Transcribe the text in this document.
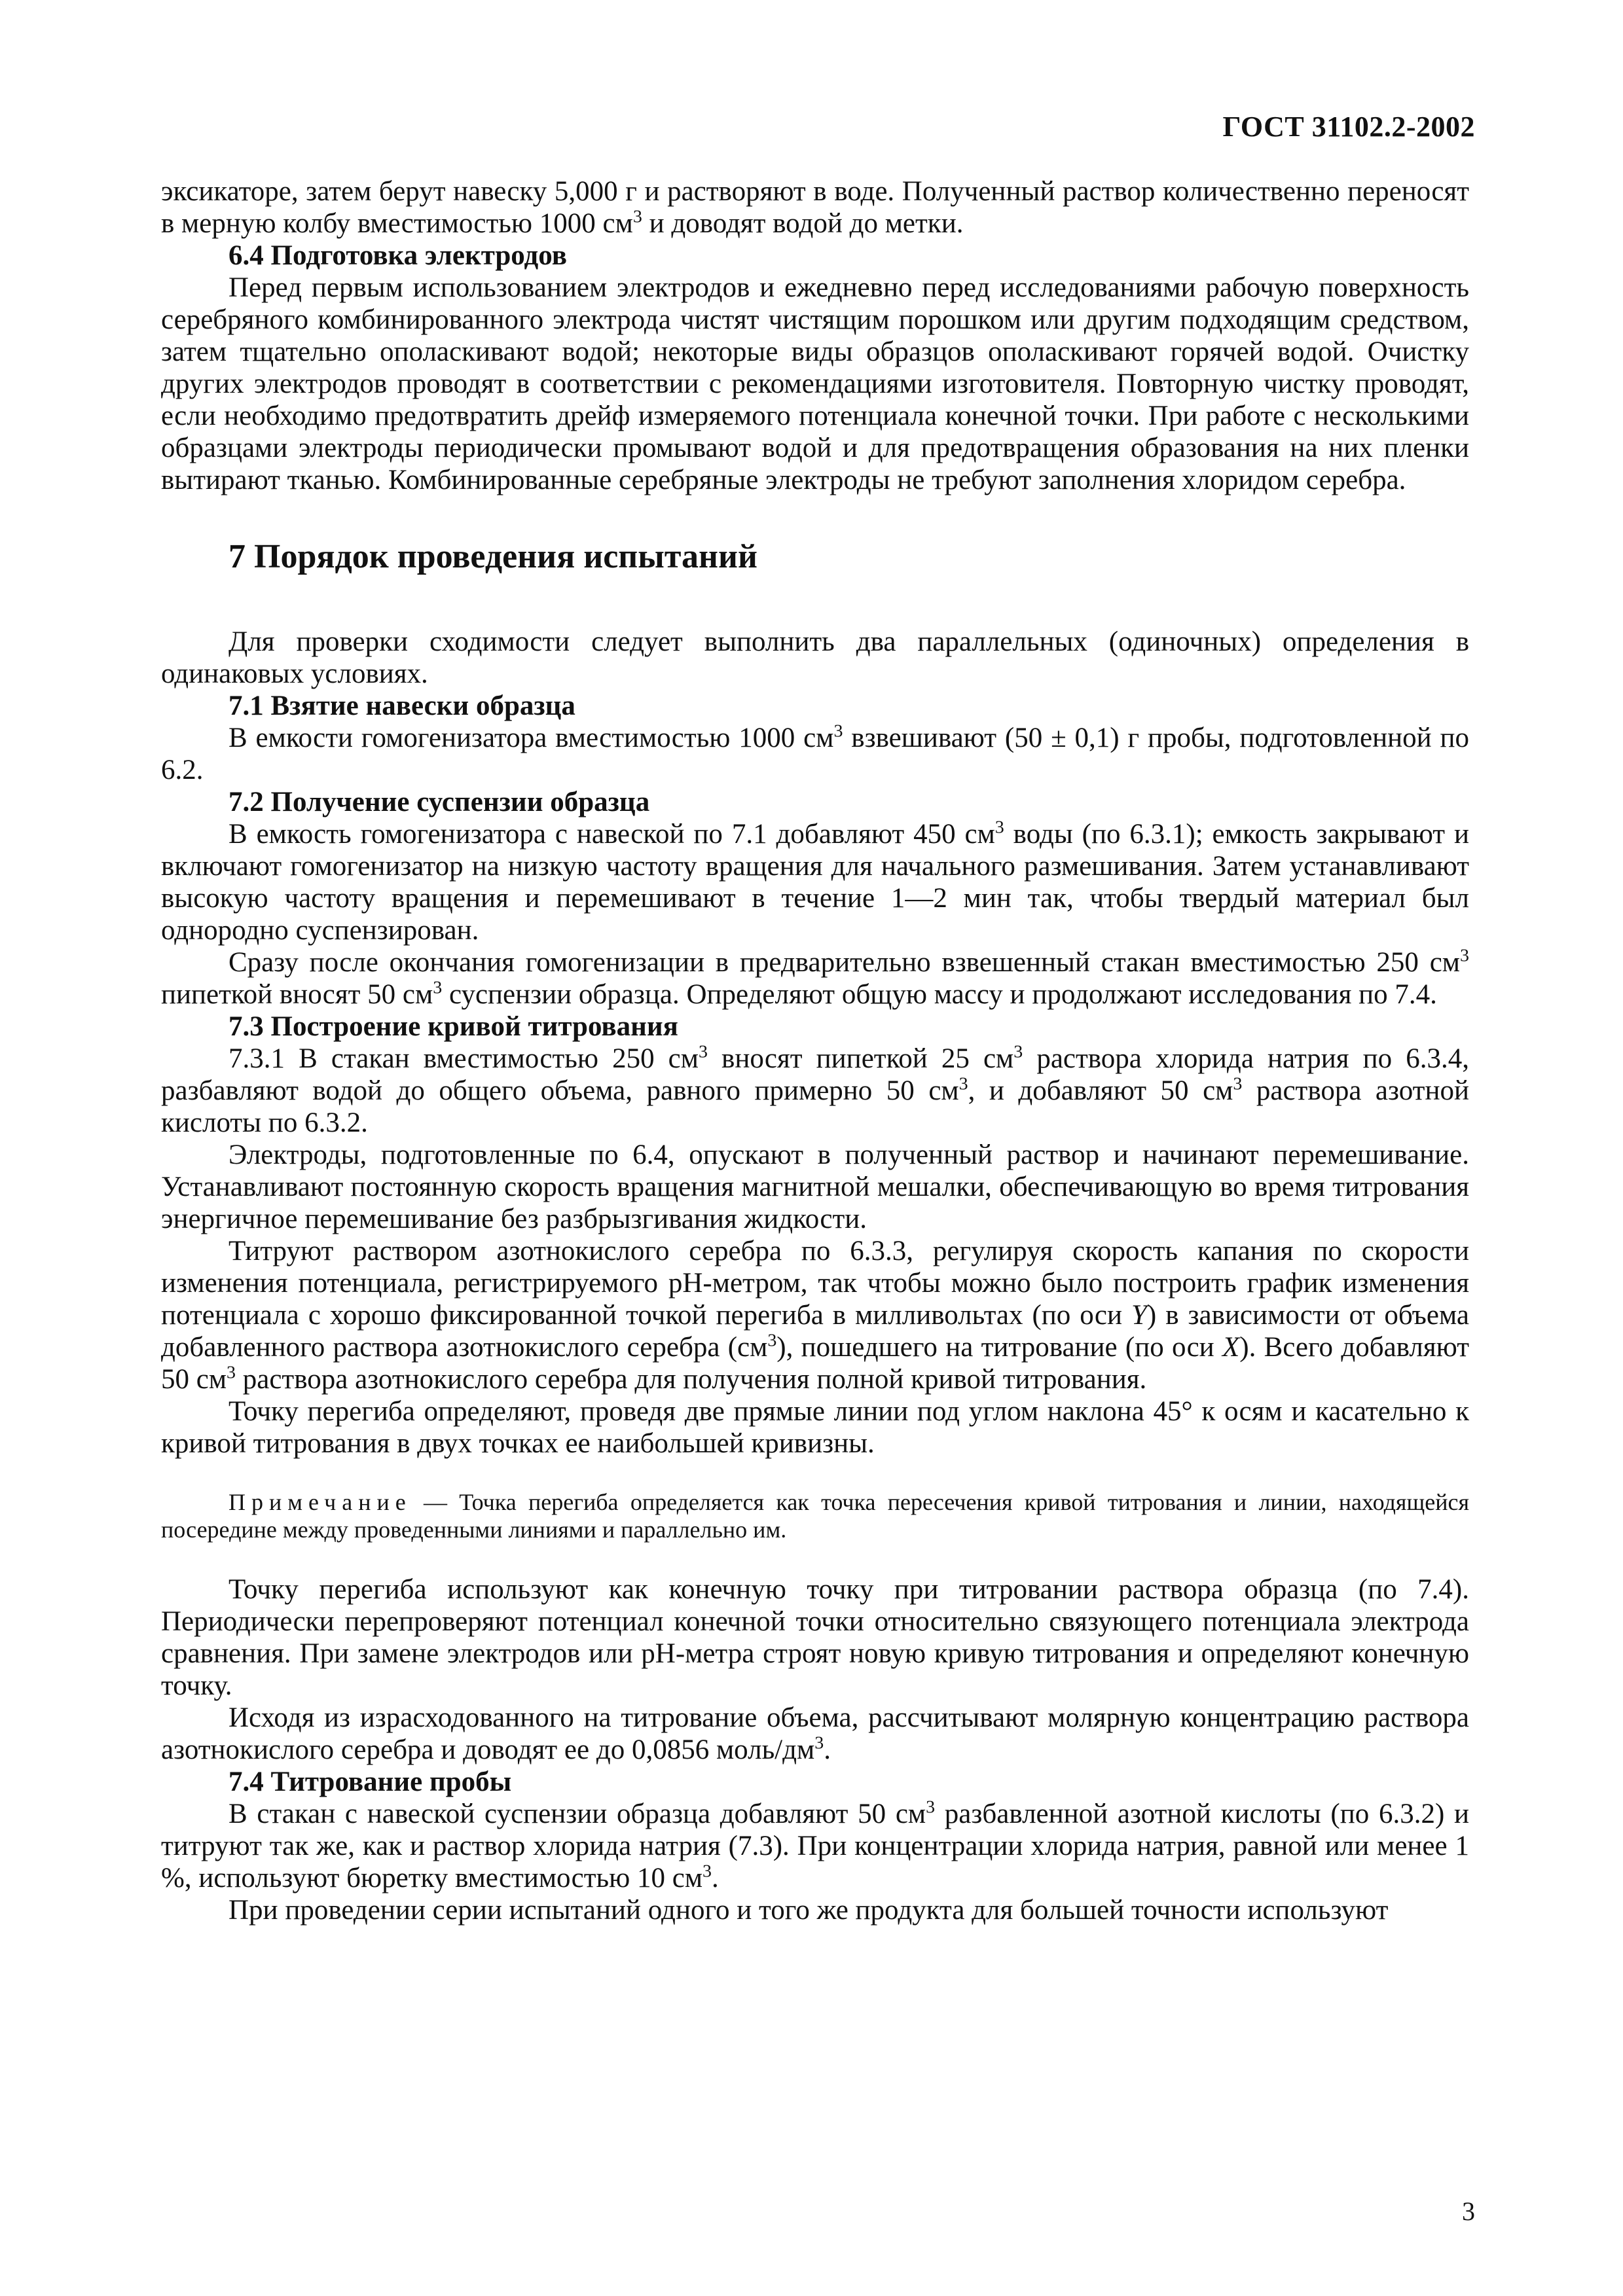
ГОСТ 31102.2-2002

эксикаторе, затем берут навеску 5,000 г и растворяют в воде. Полученный раствор количественно переносят в мерную колбу вместимостью 1000 $см^3$ и доводят водой до метки.

6.4 Подготовка электродов

Перед первым использованием электродов и ежедневно перед исследованиями рабочую поверхность серебряного комбинированного электрода чистят чистящим порошком или другим подходящим средством, затем тщательно ополаскивают водой; некоторые виды образцов ополаскивают горячей водой. Очистку других электродов проводят в соответствии с рекомендациями изготовителя. Повторную чистку проводят, если необходимо предотвратить дрейф измеряемого потенциала конечной точки. При работе с несколькими образцами электроды периодически промывают водой и для предотвращения образования на них пленки вытирают тканью. Комбинированные серебряные электроды не требуют заполнения хлоридом серебра.

7 Порядок проведения испытаний

Для проверки сходимости следует выполнить два параллельных (одиночных) определения в одинаковых условиях.

7.1 Взятие навески образца

В емкости гомогенизатора вместимостью 1000 $см^3$ взвешивают (50 ± 0,1) г пробы, подготовленной по 6.2.

7.2 Получение суспензии образца

В емкость гомогенизатора с навеской по 7.1 добавляют 450 $см^3$ воды (по 6.3.1); емкость закрывают и включают гомогенизатор на низкую частоту вращения для начального размешивания. Затем устанавливают высокую частоту вращения и перемешивают в течение 1—2 мин так, чтобы твердый материал был однородно суспензирован.

Сразу после окончания гомогенизации в предварительно взвешенный стакан вместимостью 250 $см^3$ пипеткой вносят 50 $см^3$ суспензии образца. Определяют общую массу и продолжают исследования по 7.4.

7.3 Построение кривой титрования

7.3.1 В стакан вместимостью 250 $см^3$ вносят пипеткой 25 $см^3$ раствора хлорида натрия по 6.3.4, разбавляют водой до общего объема, равного примерно 50 $см^3$, и добавляют 50 $см^3$ раствора азотной кислоты по 6.3.2.

Электроды, подготовленные по 6.4, опускают в полученный раствор и начинают перемешивание. Устанавливают постоянную скорость вращения магнитной мешалки, обеспечивающую во время титрования энергичное перемешивание без разбрызгивания жидкости.

Титруют раствором азотнокислого серебра по 6.3.3, регулируя скорость капания по скорости изменения потенциала, регистрируемого pH-метром, так чтобы можно было построить график изменения потенциала с хорошо фиксированной точкой перегиба в милливольтах (по оси Y) в зависимости от объема добавленного раствора азотнокислого серебра $(см^3)$, пошедшего на титрование (по оси X). Всего добавляют 50 $см^3$ раствора азотнокислого серебра для получения полной кривой титрования.

Точку перегиба определяют, проведя две прямые линии под углом наклона 45° к осям и касательно к кривой титрования в двух точках ее наибольшей кривизны.

Примечание — Точка перегиба определяется как точка пересечения кривой титрования и линии, находящейся посередине между проведенными линиями и параллельно им.

Точку перегиба используют как конечную точку при титровании раствора образца (по 7.4). Периодически перепроверяют потенциал конечной точки относительно связующего потенциала электрода сравнения. При замене электродов или pH-метра строят новую кривую титрования и определяют конечную точку.

Исходя из израсходованного на титрование объема, рассчитывают молярную концентрацию раствора азотнокислого серебра и доводят ее до 0,0856 моль/$дм^3$.

7.4 Титрование пробы

В стакан с навеской суспензии образца добавляют 50 $см^3$ разбавленной азотной кислоты (по 6.3.2) и титруют так же, как и раствор хлорида натрия (7.3). При концентрации хлорида натрия, равной или менее 1 %, используют бюретку вместимостью 10 $см^3$.

При проведении серии испытаний одного и того же продукта для большей точности используют

3
